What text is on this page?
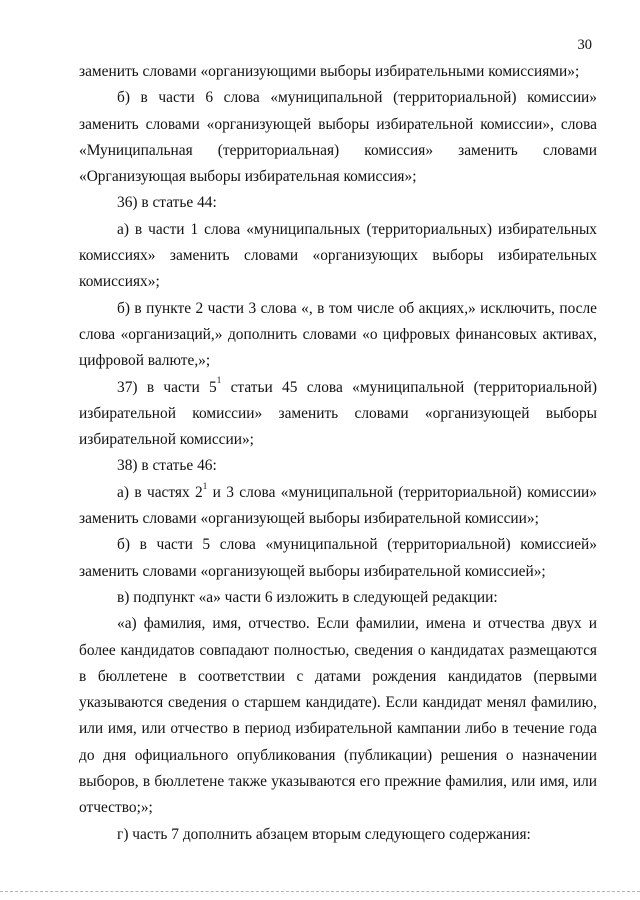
30

заменить словами «организующими выборы избирательными комиссиями»;

б) в части 6 слова «муниципальной (территориальной) комиссии» заменить словами «организующей выборы избирательной комиссии», слова «Муниципальная (территориальная) комиссия» заменить словами «Организующая выборы избирательная комиссия»;

36) в статье 44:

а) в части 1 слова «муниципальных (территориальных) избирательных комиссиях» заменить словами «организующих выборы избирательных комиссиях»;

б) в пункте 2 части 3 слова «, в том числе об акциях,» исключить, после слова «организаций,» дополнить словами «о цифровых финансовых активах, цифровой валюте,»;

37) в части $5^1$ статьи 45 слова «муниципальной (территориальной) избирательной комиссии» заменить словами «организующей выборы избирательной комиссии»;

38) в статье 46:

а) в частях $2^1$ и 3 слова «муниципальной (территориальной) комиссии» заменить словами «организующей выборы избирательной комиссии»;

б) в части 5 слова «муниципальной (территориальной) комиссией» заменить словами «организующей выборы избирательной комиссией»;

в) подпункт «а» части 6 изложить в следующей редакции:

«а) фамилия, имя, отчество. Если фамилии, имена и отчества двух и более кандидатов совпадают полностью, сведения о кандидатах размещаются в бюллетене в соответствии с датами рождения кандидатов (первыми указываются сведения о старшем кандидате). Если кандидат менял фамилию, или имя, или отчество в период избирательной кампании либо в течение года до дня официального опубликования (публикации) решения о назначении выборов, в бюллетене также указываются его прежние фамилия, или имя, или отчество;»;

г) часть 7 дополнить абзацем вторым следующего содержания:
